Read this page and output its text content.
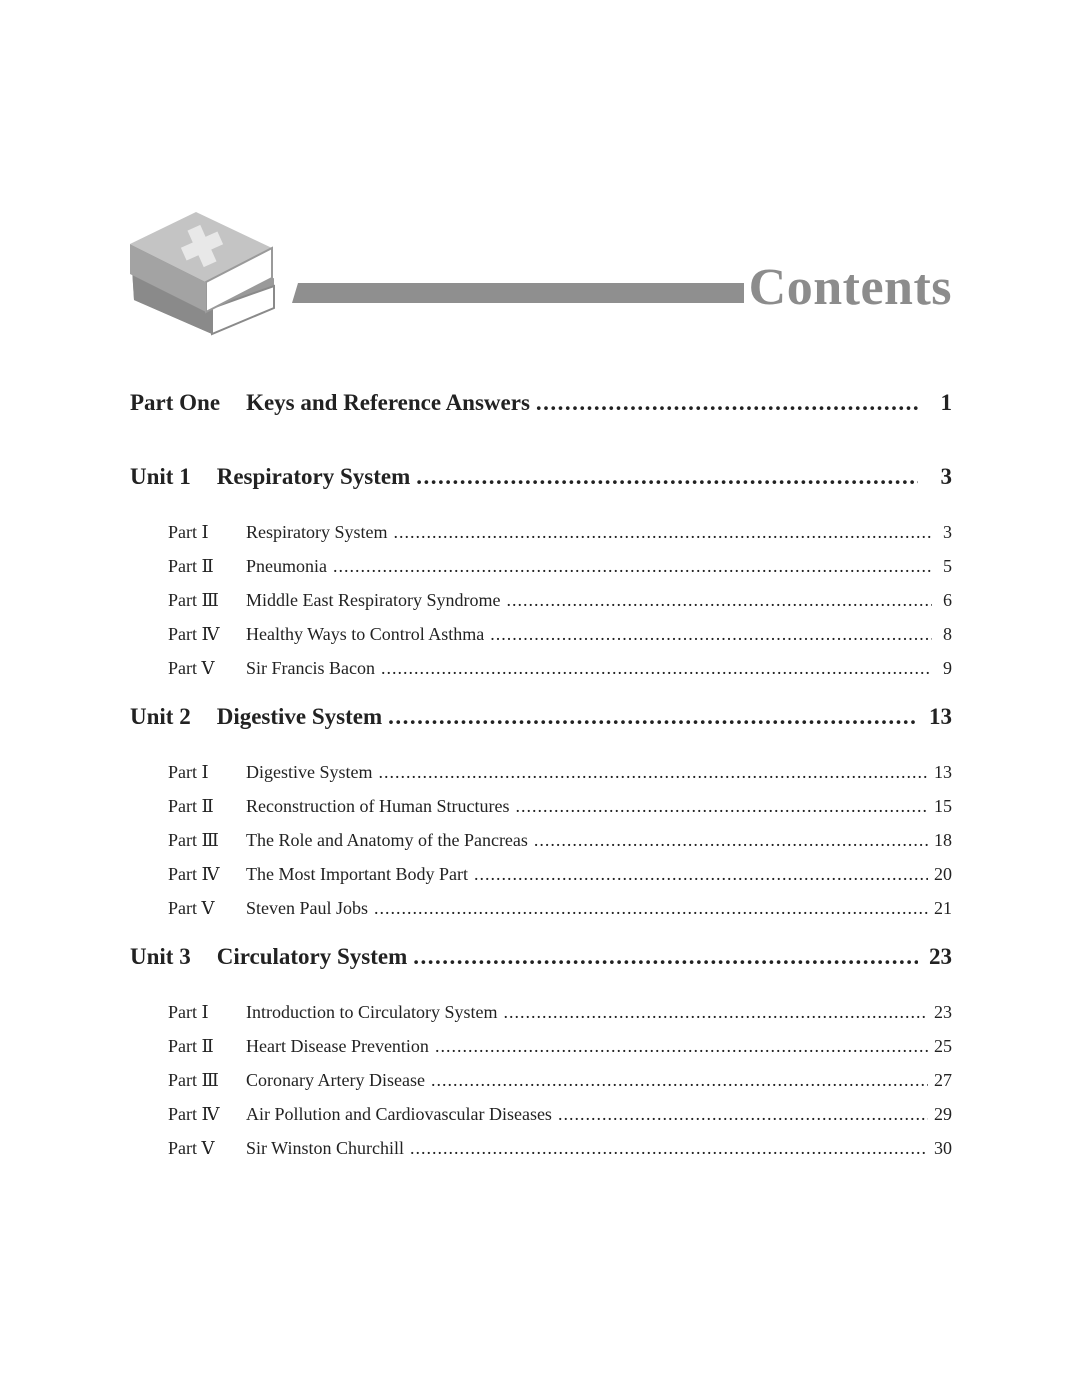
Contents
Part One Keys and Reference Answers .....	1
Unit 1 Respiratory System .....	3
Part Ⅰ	Respiratory System .....	3
Part Ⅱ	Pneumonia .....	5
Part Ⅲ	Middle East Respiratory Syndrome .....	6
Part Ⅳ	Healthy Ways to Control Asthma .....	8
Part Ⅴ	Sir Francis Bacon .....	9
Unit 2 Digestive System .....	13
Part Ⅰ	Digestive System .....	13
Part Ⅱ	Reconstruction of Human Structures .....	15
Part Ⅲ	The Role and Anatomy of the Pancreas .....	18
Part Ⅳ	The Most Important Body Part .....	20
Part Ⅴ	Steven Paul Jobs .....	21
Unit 3 Circulatory System .....	23
Part Ⅰ	Introduction to Circulatory System .....	23
Part Ⅱ	Heart Disease Prevention .....	25
Part Ⅲ	Coronary Artery Disease .....	27
Part Ⅳ	Air Pollution and Cardiovascular Diseases .....	29
Part Ⅴ	Sir Winston Churchill .....	30
